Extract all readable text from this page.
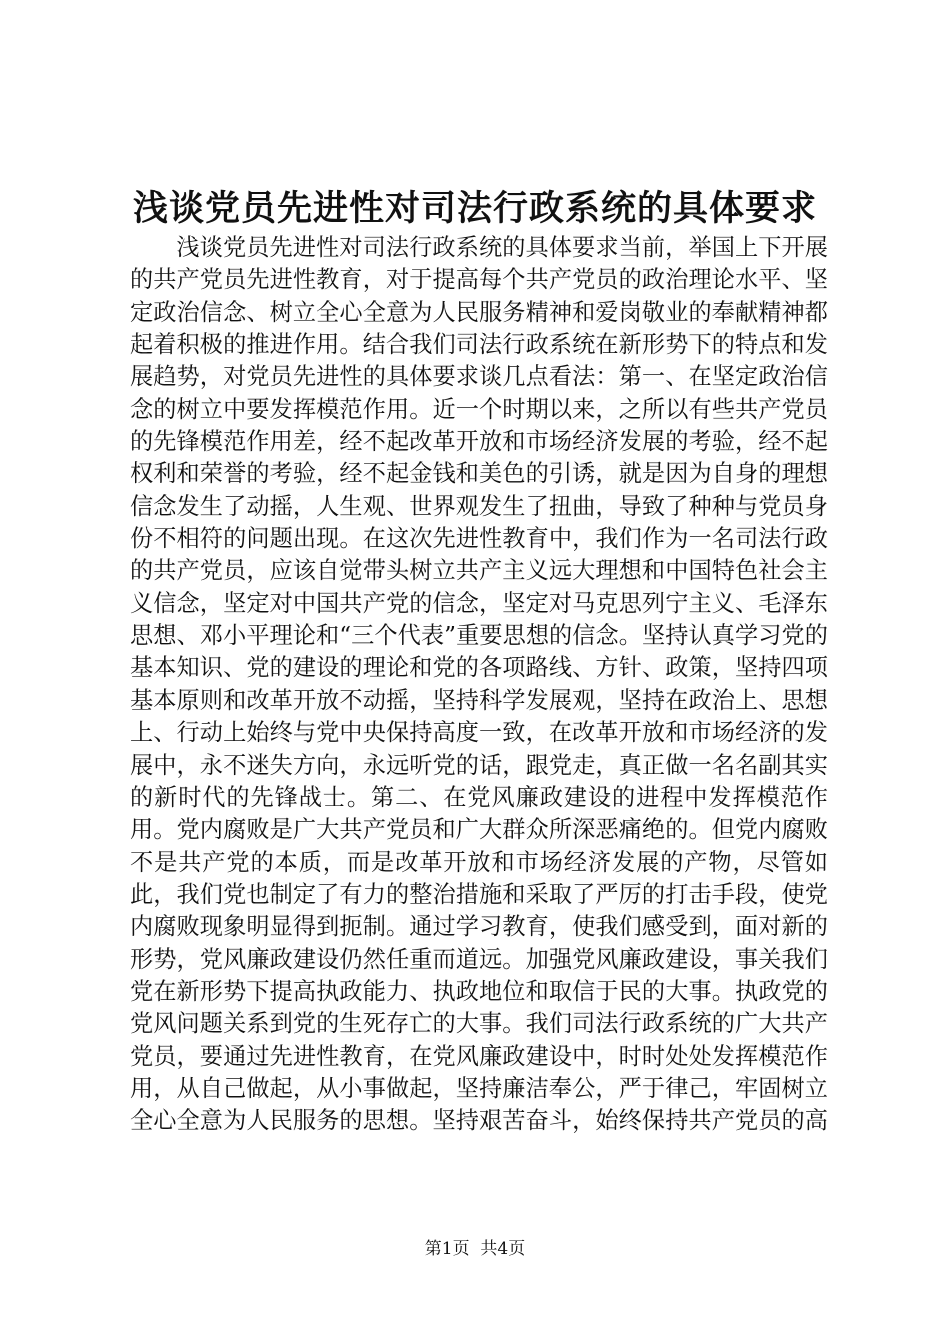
浅谈党员先进性对司法行政系统的具体要求

浅谈党员先进性对司法行政系统的具体要求当前，举国上下开展的共产党员先进性教育，对于提高每个共产党员的政治理论水平、坚定政治信念、树立全心全意为人民服务精神和爱岗敬业的奉献精神都起着积极的推进作用。结合我们司法行政系统在新形势下的特点和发展趋势，对党员先进性的具体要求谈几点看法：第一、在坚定政治信念的树立中要发挥模范作用。近一个时期以来，之所以有些共产党员的先锋模范作用差，经不起改革开放和市场经济发展的考验，经不起权利和荣誉的考验，经不起金钱和美色的引诱，就是因为自身的理想信念发生了动摇，人生观、世界观发生了扭曲，导致了种种与党员身份不相符的问题出现。在这次先进性教育中，我们作为一名司法行政的共产党员，应该自觉带头树立共产主义远大理想和中国特色社会主义信念，坚定对中国共产党的信念，坚定对马克思列宁主义、毛泽东思想、邓小平理论和“三个代表”重要思想的信念。坚持认真学习党的基本知识、党的建设的理论和党的各项路线、方针、政策，坚持四项基本原则和改革开放不动摇，坚持科学发展观，坚持在政治上、思想上、行动上始终与党中央保持高度一致，在改革开放和市场经济的发展中，永不迷失方向，永远听党的话，跟党走，真正做一名名副其实的新时代的先锋战士。第二、在党风廉政建设的进程中发挥模范作用。党内腐败是广大共产党员和广大群众所深恶痛绝的。但党内腐败不是共产党的本质，而是改革开放和市场经济发展的产物，尽管如此，我们党也制定了有力的整治措施和采取了严厉的打击手段，使党内腐败现象明显得到扼制。通过学习教育，使我们感受到，面对新的形势，党风廉政建设仍然任重而道远。加强党风廉政建设，事关我们党在新形势下提高执政能力、执政地位和取信于民的大事。执政党的党风问题关系到党的生死存亡的大事。我们司法行政系统的广大共产党员，要通过先进性教育，在党风廉政建设中，时时处处发挥模范作用，从自己做起，从小事做起，坚持廉洁奉公，严于律己，牢固树立全心全意为人民服务的思想。坚持艰苦奋斗，始终保持共产党员的高

第1页  共4页
